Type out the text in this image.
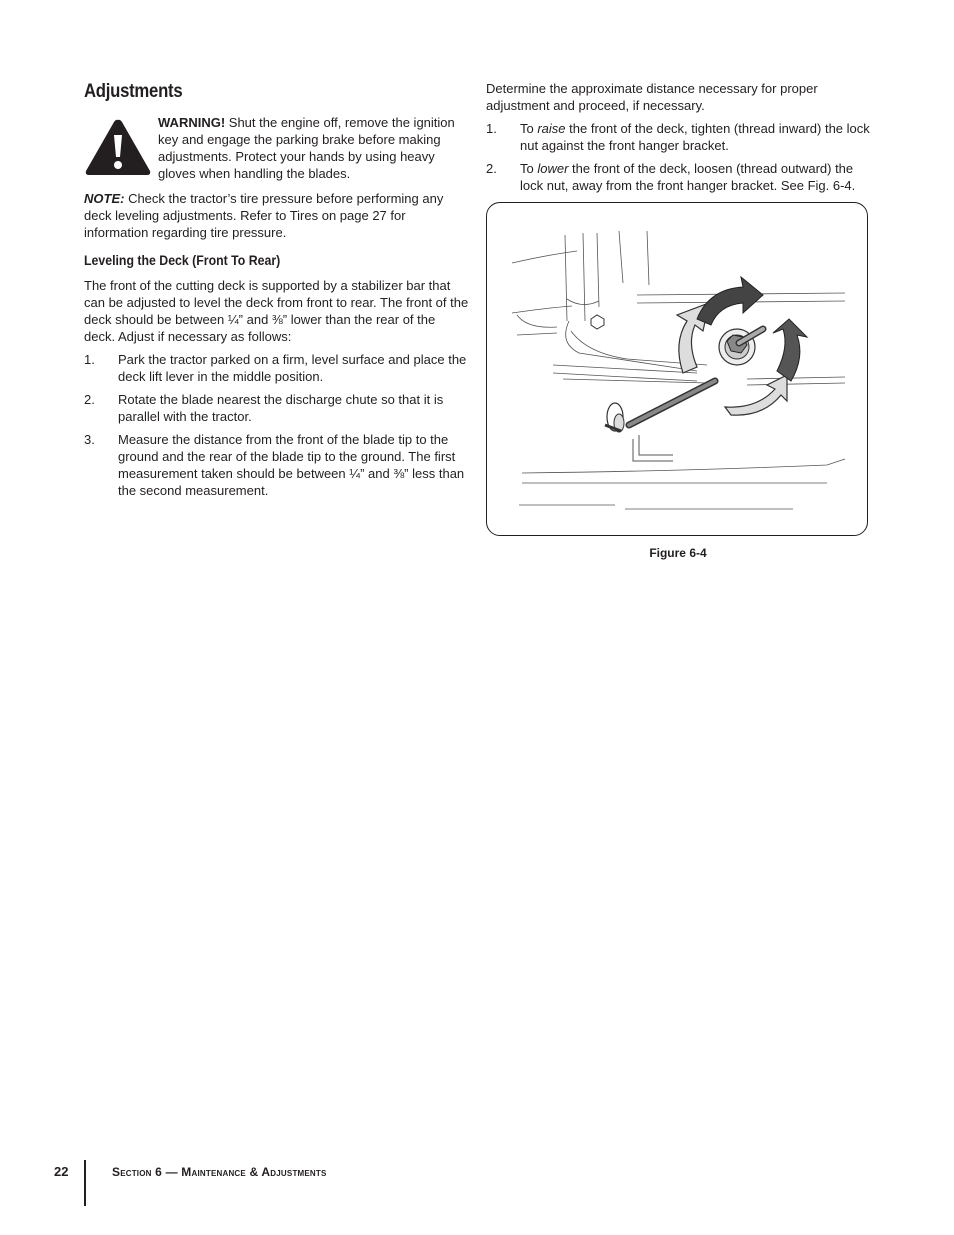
Adjustments
WARNING! Shut the engine off, remove the ignition key and engage the parking brake before making adjustments. Protect your hands by using heavy gloves when handling the blades.
NOTE: Check the tractor’s tire pressure before performing any deck leveling adjustments. Refer to Tires on page 27 for information regarding tire pressure.
Leveling the Deck (Front To Rear)

The front of the cutting deck is supported by a stabilizer bar that can be adjusted to level the deck from front to rear. The front of the deck should be between ¼” and ⅜” lower than the rear of the deck. Adjust if necessary as follows:

1. Park the tractor parked on a firm, level surface and place the deck lift lever in the middle position.
2. Rotate the blade nearest the discharge chute so that it is parallel with the tractor.
3. Measure the distance from the front of the blade tip to the ground and the rear of the blade tip to the ground. The first measurement taken should be between ¼” and ⅜” less than the second measurement.

Determine the approximate distance necessary for proper adjustment and proceed, if necessary.

1. To raise the front of the deck, tighten (thread inward) the lock nut against the front hanger bracket.
2. To lower the front of the deck, loosen (thread outward) the lock nut, away from the front hanger bracket. See Fig. 6-4.
Figure 6-4
22	Section 6 — Maintenance & Adjustments
